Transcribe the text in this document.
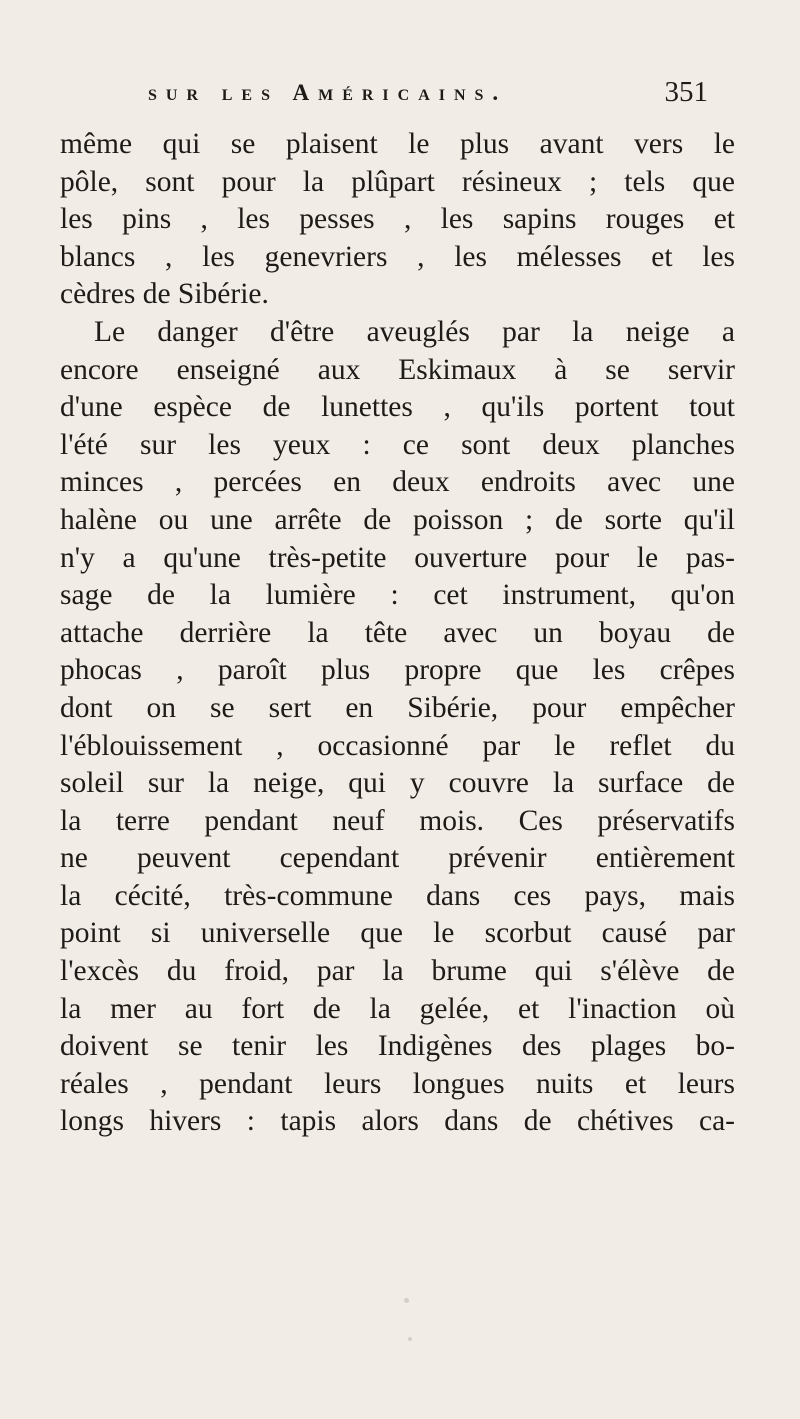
sur les Américains.	351
même qui se plaisent le plus avant vers le
pôle, sont pour la plûpart résineux ; tels que
les pins , les pesses , les sapins rouges et
blancs , les genevriers , les mélesses et les
cèdres de Sibérie.
Le danger d'être aveuglés par la neige a
encore enseigné aux Eskimaux à se servir
d'une espèce de lunettes , qu'ils portent tout
l'été sur les yeux : ce sont deux planches
minces , percées en deux endroits avec une
halène ou une arrête de poisson ; de sorte qu'il
n'y a qu'une très-petite ouverture pour le pas-
sage de la lumière : cet instrument, qu'on
attache derrière la tête avec un boyau de
phocas , paroît plus propre que les crêpes
dont on se sert en Sibérie, pour empêcher
l'éblouissement , occasionné par le reflet du
soleil sur la neige, qui y couvre la surface de
la terre pendant neuf mois. Ces préservatifs
ne peuvent cependant prévenir entièrement
la cécité, très-commune dans ces pays, mais
point si universelle que le scorbut causé par
l'excès du froid, par la brume qui s'élève de
la mer au fort de la gelée, et l'inaction où
doivent se tenir les Indigènes des plages bo-
réales , pendant leurs longues nuits et leurs
longs hivers : tapis alors dans de chétives ca-
